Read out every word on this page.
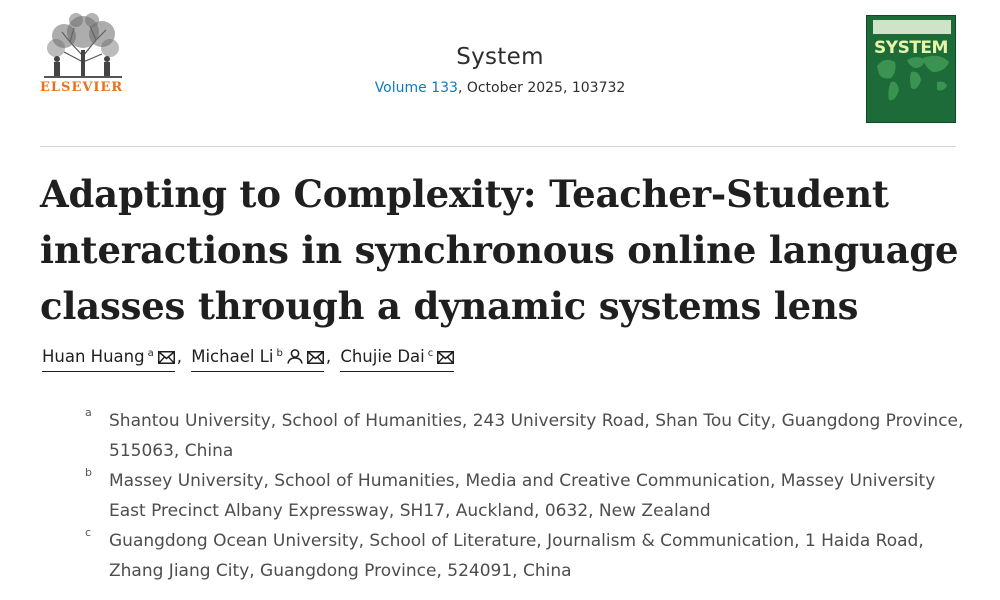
ELSEVIER
System
Volume 133, October 2025, 103732
SYSTEM
Adapting to Complexity: Teacher-Student interactions in synchronous online language classes through a dynamic systems lens
Huan Huang $^a$ , Michael Li $^b$	, Chujie Dai $^c$
a Shantou University, School of Humanities, 243 University Road, Shan Tou City, Guangdong Province, 515063, China
b Massey University, School of Humanities, Media and Creative Communication, Massey University East Precinct Albany Expressway, SH17, Auckland, 0632, New Zealand
c Guangdong Ocean University, School of Literature, Journalism & Communication, 1 Haida Road, Zhang Jiang City, Guangdong Province, 524091, China
